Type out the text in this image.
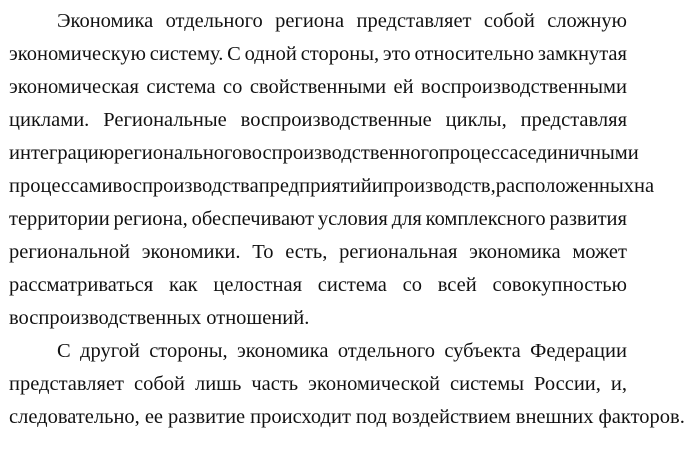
Экономика отдельного региона представляет собой сложную
экономическую систему. С одной стороны, это относительно замкнутая
экономическая система со свойственными ей воспроизводственными
циклами. Региональные воспроизводственные циклы, представляя
интеграцию регионального воспроизводственного процесса с единичными
процессами воспроизводства предприятий и производств, расположенных на
территории региона, обеспечивают условия для комплексного развития
региональной экономики. То есть, региональная экономика может
рассматриваться как целостная система со всей совокупностью
воспроизводственных отношений.
С другой стороны, экономика отдельного субъекта Федерации
представляет собой лишь часть экономической системы России, и,
следовательно, ее развитие происходит под воздействием внешних факторов.
